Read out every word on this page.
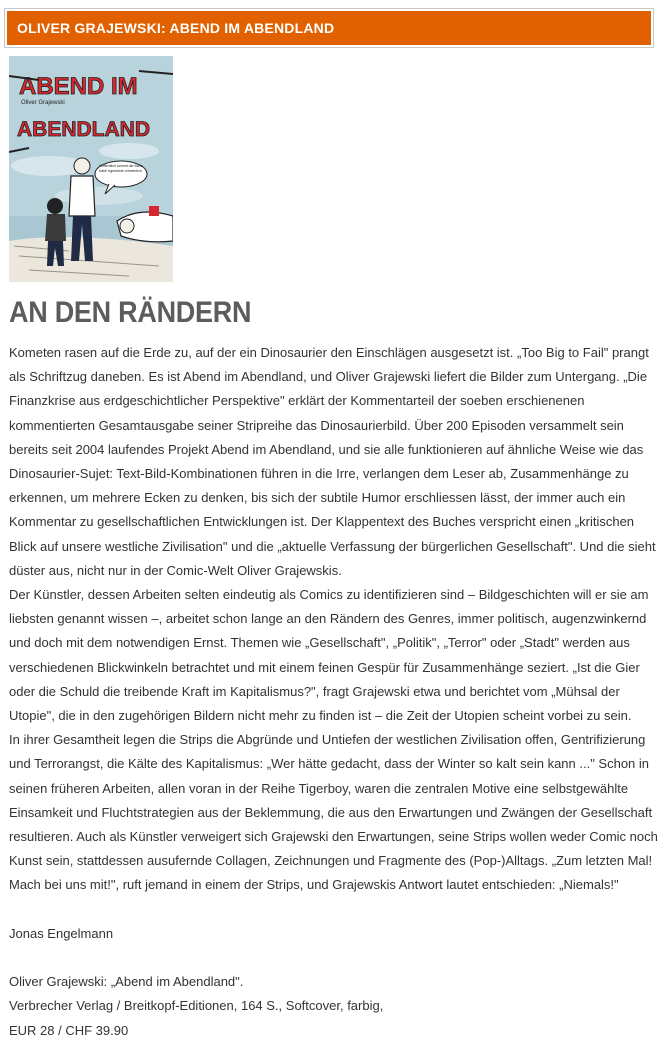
OLIVER GRAJEWSKI: ABEND IM ABENDLAND
ABEND IM
Oliver Grajewski
ABENDLAND
Hoffentlich kommt die Bahn bald! Irgendwie unheimlich.
AN DEN RÄNDERN

Kometen rasen auf die Erde zu, auf der ein Dinosaurier den Einschlägen ausgesetzt ist. „Too Big to Fail" prangt als Schriftzug daneben. Es ist Abend im Abendland, und Oliver Grajewski liefert die Bilder zum Untergang. „Die Finanzkrise aus erdgeschichtlicher Perspektive" erklärt der Kommentarteil der soeben erschienenen kommentierten Gesamtausgabe seiner Stripreihe das Dinosaurierbild. Über 200 Episoden versammelt sein bereits seit 2004 laufendes Projekt Abend im Abendland, und sie alle funktionieren auf ähnliche Weise wie das Dinosaurier-Sujet: Text-Bild-Kombinationen führen in die Irre, verlangen dem Leser ab, Zusammenhänge zu erkennen, um mehrere Ecken zu denken, bis sich der subtile Humor erschliessen lässt, der immer auch ein Kommentar zu gesellschaftlichen Entwicklungen ist. Der Klappentext des Buches verspricht einen „kritischen Blick auf unsere westliche Zivilisation" und die „aktuelle Verfassung der bürgerlichen Gesellschaft". Und die sieht düster aus, nicht nur in der Comic-Welt Oliver Grajewskis.

Der Künstler, dessen Arbeiten selten eindeutig als Comics zu identifizieren sind – Bildgeschichten will er sie am liebsten genannt wissen –, arbeitet schon lange an den Rändern des Genres, immer politisch, augenzwinkernd und doch mit dem notwendigen Ernst. Themen wie „Gesellschaft", „Politik", „Terror" oder „Stadt" werden aus verschiedenen Blickwinkeln betrachtet und mit einem feinen Gespür für Zusammenhänge seziert. „Ist die Gier oder die Schuld die treibende Kraft im Kapitalismus?", fragt Grajewski etwa und berichtet vom „Mühsal der Utopie", die in den zugehörigen Bildern nicht mehr zu finden ist – die Zeit der Utopien scheint vorbei zu sein.

In ihrer Gesamtheit legen die Strips die Abgründe und Untiefen der westlichen Zivilisation offen, Gentrifizierung und Terrorangst, die Kälte des Kapitalismus: „Wer hätte gedacht, dass der Winter so kalt sein kann ..." Schon in seinen früheren Arbeiten, allen voran in der Reihe Tigerboy, waren die zentralen Motive eine selbstgewählte Einsamkeit und Fluchtstrategien aus der Beklemmung, die aus den Erwartungen und Zwängen der Gesellschaft resultieren. Auch als Künstler verweigert sich Grajewski den Erwartungen, seine Strips wollen weder Comic noch Kunst sein, stattdessen ausufernde Collagen, Zeichnungen und Fragmente des (Pop-)Alltags. „Zum letzten Mal! Mach bei uns mit!", ruft jemand in einem der Strips, und Grajewskis Antwort lautet entschieden: „Niemals!"

Jonas Engelmann

Oliver Grajewski: „Abend im Abendland".

Verbrecher Verlag / Breitkopf-Editionen, 164 S., Softcover, farbig,

EUR 28 / CHF 39.90
